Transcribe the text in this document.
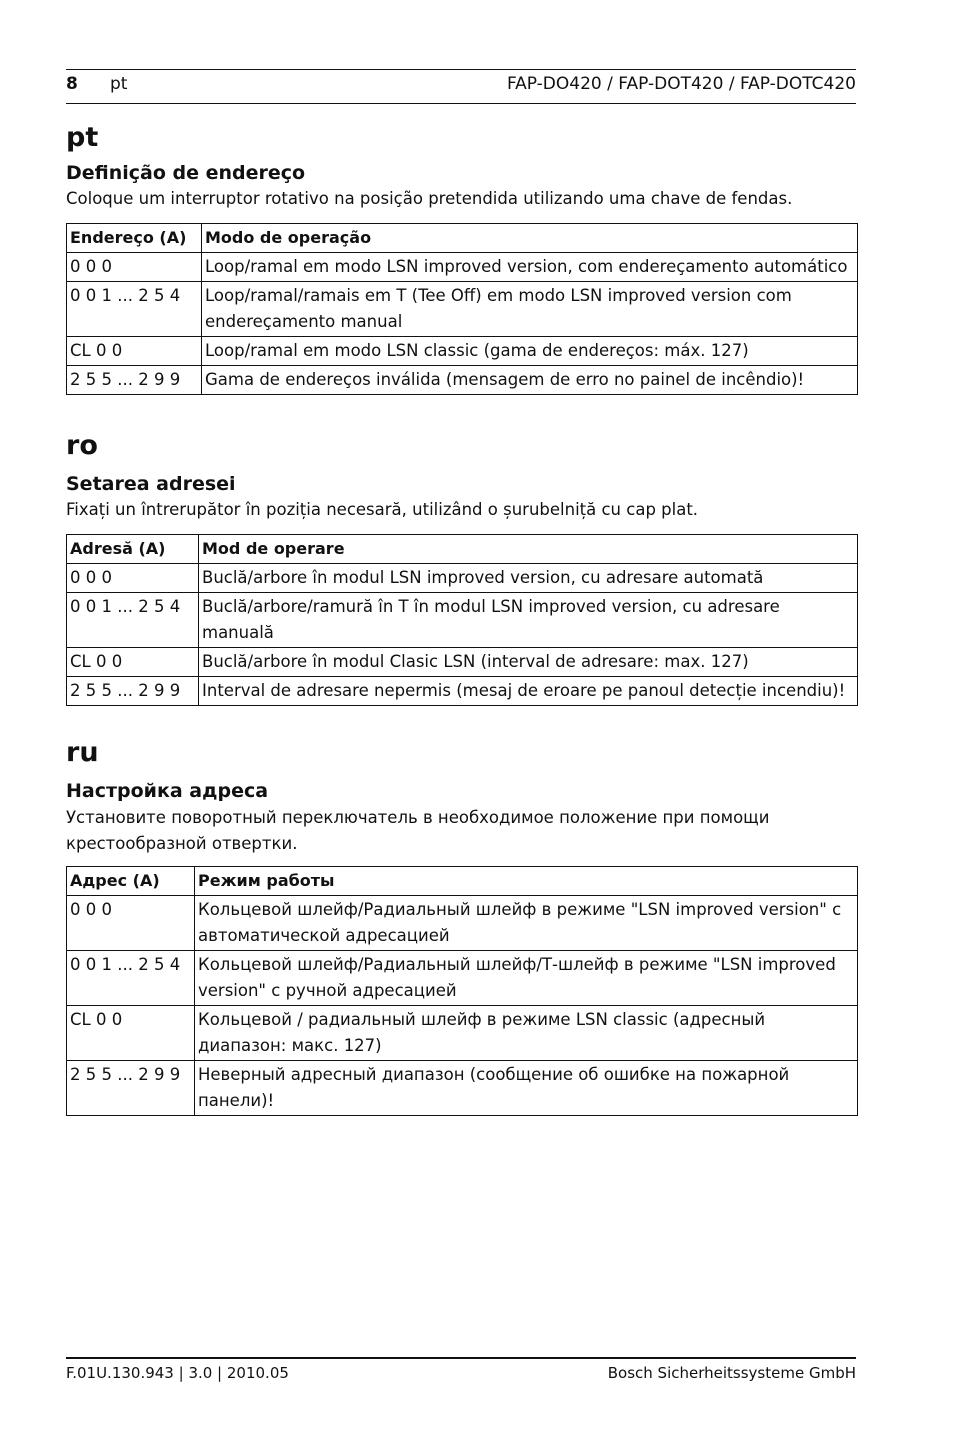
8 pt	FAP-DO420 / FAP-DOT420 / FAP-DOTC420
pt
Definição de endereço

Coloque um interruptor rotativo na posição pretendida utilizando uma chave de fendas.

Endereço (A)	Modo de operação
0 0 0	Loop/ramal em modo LSN improved version, com endereçamento automático
0 0 1 ... 2 5 4	Loop/ramal/ramais em T (Tee Off) em modo LSN improved version com endereçamento manual
CL 0 0	Loop/ramal em modo LSN classic (gama de endereços: máx. 127)
2 5 5 ... 2 9 9	Gama de endereços inválida (mensagem de erro no painel de incêndio)!
ro
Setarea adresei

Fixați un întrerupător în poziția necesară, utilizând o șurubelniță cu cap plat.

Adresă (A)	Mod de operare
0 0 0	Buclă/arbore în modul LSN improved version, cu adresare automată
0 0 1 ... 2 5 4	Buclă/arbore/ramură în T în modul LSN improved version, cu adresare manuală
CL 0 0	Buclă/arbore în modul Clasic LSN (interval de adresare: max. 127)
2 5 5 ... 2 9 9	Interval de adresare nepermis (mesaj de eroare pe panoul detecție incendiu)!
ru
Настройка адреса

Установите поворотный переключатель в необходимое положение при помощи крестообразной отвертки.

Адрес (А)	Режим работы
0 0 0	Кольцевой шлейф/Радиальный шлейф в режиме "LSN improved version" с автоматической адресацией
0 0 1 ... 2 5 4	Кольцевой шлейф/Радиальный шлейф/Т-шлейф в режиме "LSN improved version" с ручной адресацией
CL 0 0	Кольцевой / радиальный шлейф в режиме LSN classic (адресный диапазон: макс. 127)
2 5 5 ... 2 9 9	Неверный адресный диапазон (сообщение об ошибке на пожарной панели)!
F.01U.130.943 | 3.0 | 2010.05	Bosch Sicherheitssysteme GmbH
